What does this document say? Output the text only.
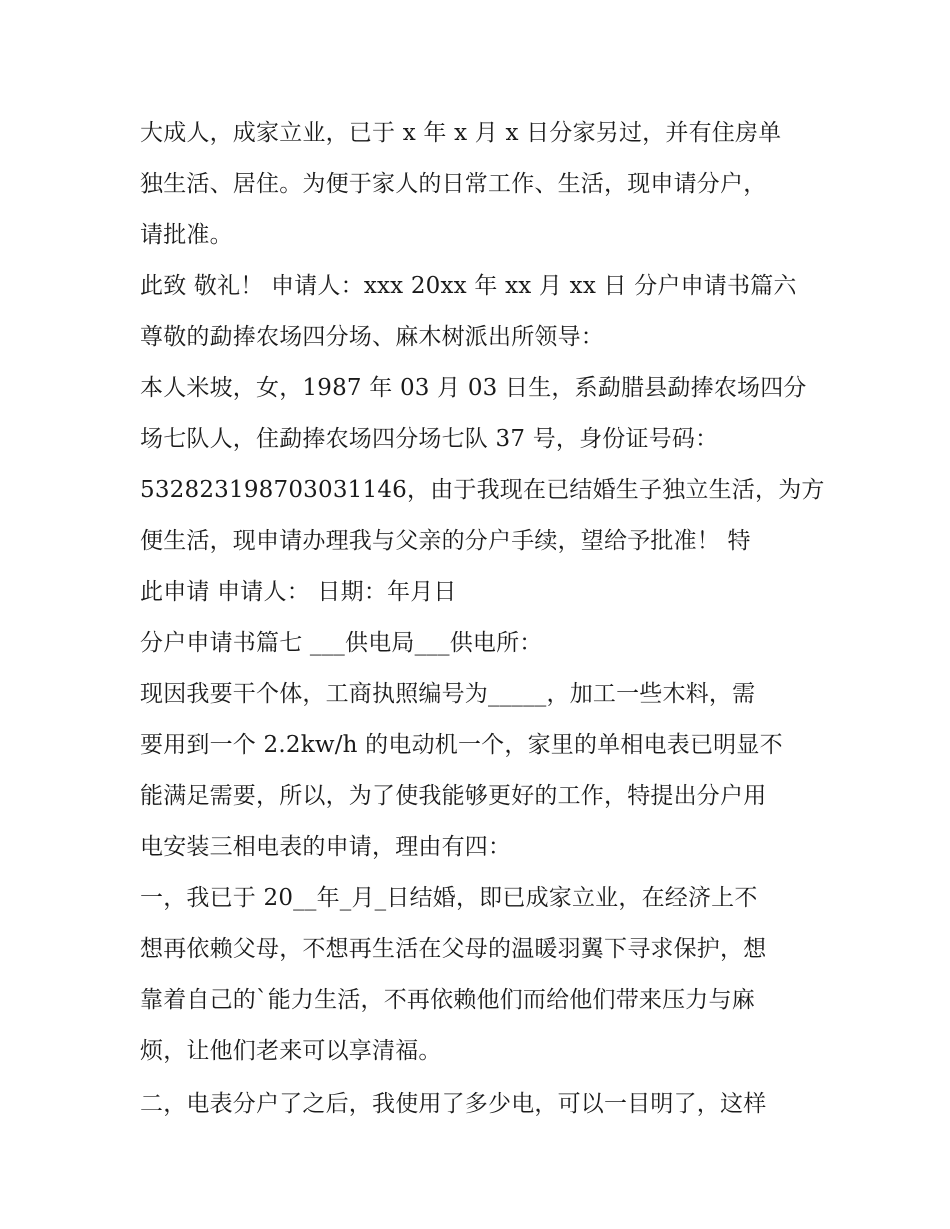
大成人，成家立业，已于 x 年 x 月 x 日分家另过，并有住房单
独生活、居住。为便于家人的日常工作、生活，现申请分户，
请批准。
此致 敬礼！ 申请人：xxx 20xx 年 xx 月 xx 日 分户申请书篇六
尊敬的勐捧农场四分场、麻木树派出所领导：
本人米坡，女，1987 年 03 月 03 日生，系勐腊县勐捧农场四分
场七队人，住勐捧农场四分场七队 37 号，身份证号码：
532823198703031146，由于我现在已结婚生子独立生活，为方
便生活，现申请办理我与父亲的分户手续，望给予批准！ 特
此申请 申请人： 日期：年月日
分户申请书篇七 ___供电局___供电所：
现因我要干个体，工商执照编号为_____，加工一些木料，需
要用到一个 2.2kw/h 的电动机一个，家里的单相电表已明显不
能满足需要，所以，为了使我能够更好的工作，特提出分户用
电安装三相电表的申请，理由有四：
一，我已于 20__年_月_日结婚，即已成家立业，在经济上不
想再依赖父母，不想再生活在父母的温暖羽翼下寻求保护，想
靠着自己的`能力生活，不再依赖他们而给他们带来压力与麻
烦，让他们老来可以享清福。
二，电表分户了之后，我使用了多少电，可以一目明了，这样
